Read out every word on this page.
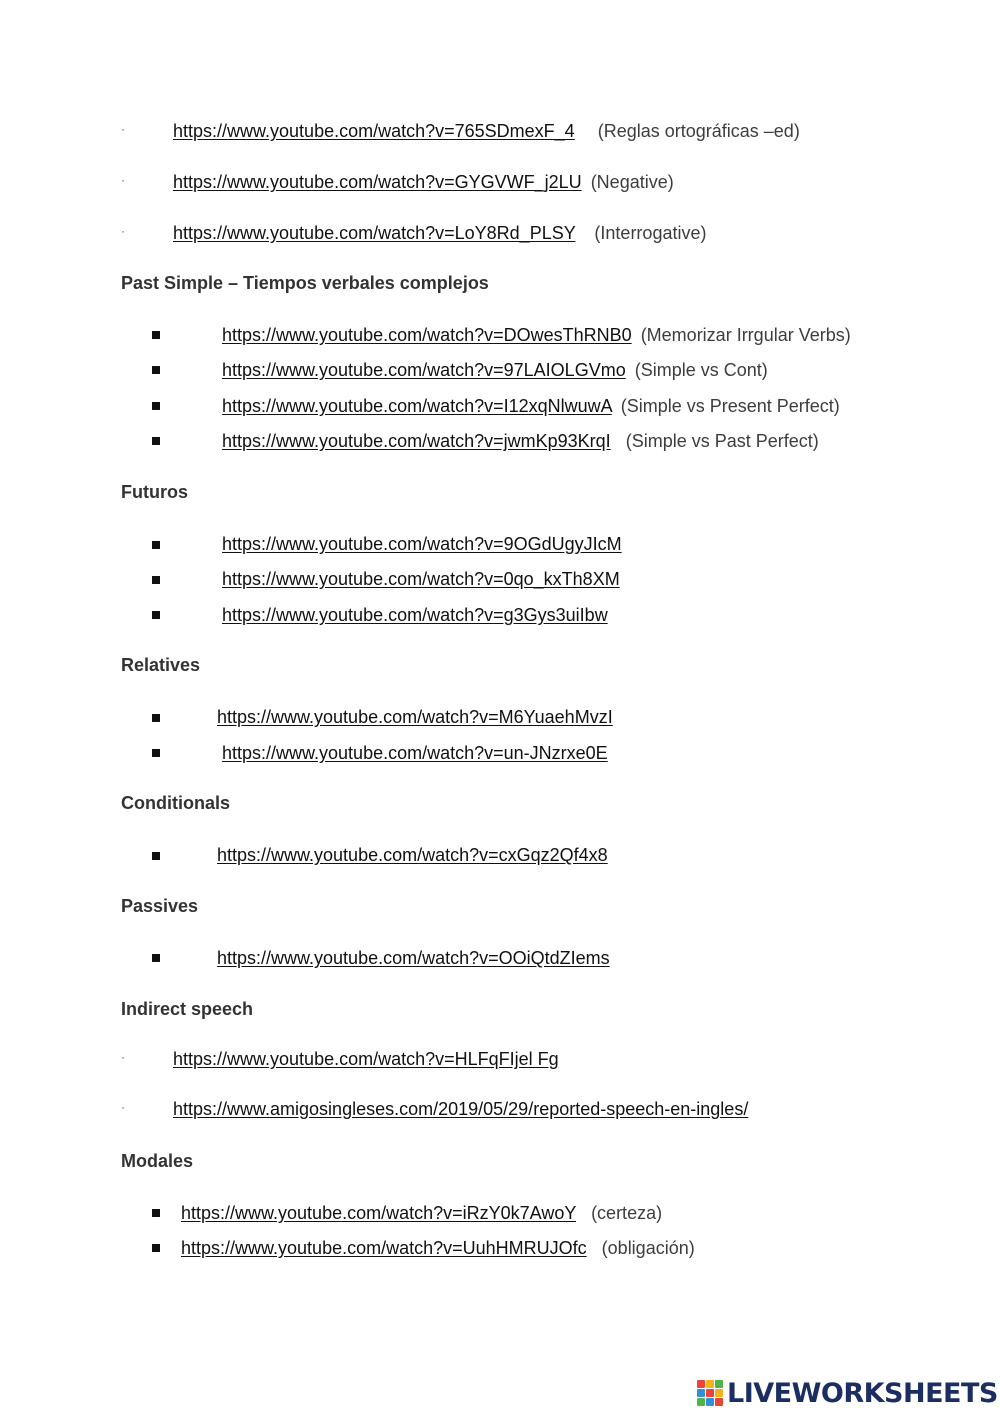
·	https://www.youtube.com/watch?v=765SDmexF_4 (Reglas ortográficas –ed)
·	https://www.youtube.com/watch?v=GYGVWF_j2LU (Negative)
·	https://www.youtube.com/watch?v=LoY8Rd_PLSY (Interrogative)
Past Simple – Tiempos verbales complejos
https://www.youtube.com/watch?v=DOwesThRNB0 (Memorizar Irrgular Verbs)
https://www.youtube.com/watch?v=97LAIOLGVmo (Simple vs Cont)
https://www.youtube.com/watch?v=I12xqNlwuwA (Simple vs Present Perfect)
https://www.youtube.com/watch?v=jwmKp93KrqI (Simple vs Past Perfect)
Futuros
https://www.youtube.com/watch?v=9OGdUgyJIcM
https://www.youtube.com/watch?v=0qo_kxTh8XM
https://www.youtube.com/watch?v=g3Gys3uiIbw
Relatives
https://www.youtube.com/watch?v=M6YuaehMvzI
https://www.youtube.com/watch?v=un-JNzrxe0E
Conditionals
https://www.youtube.com/watch?v=cxGqz2Qf4x8
Passives
https://www.youtube.com/watch?v=OOiQtdZIems
Indirect speech
·	https://www.youtube.com/watch?v=HLFqFIjel Fg
·	https://www.amigosingleses.com/2019/05/29/reported-speech-en-ingles/
Modales
https://www.youtube.com/watch?v=iRzY0k7AwoY (certeza)
https://www.youtube.com/watch?v=UuhHMRUJOfc (obligación)
LIVEWORKSHEETS
